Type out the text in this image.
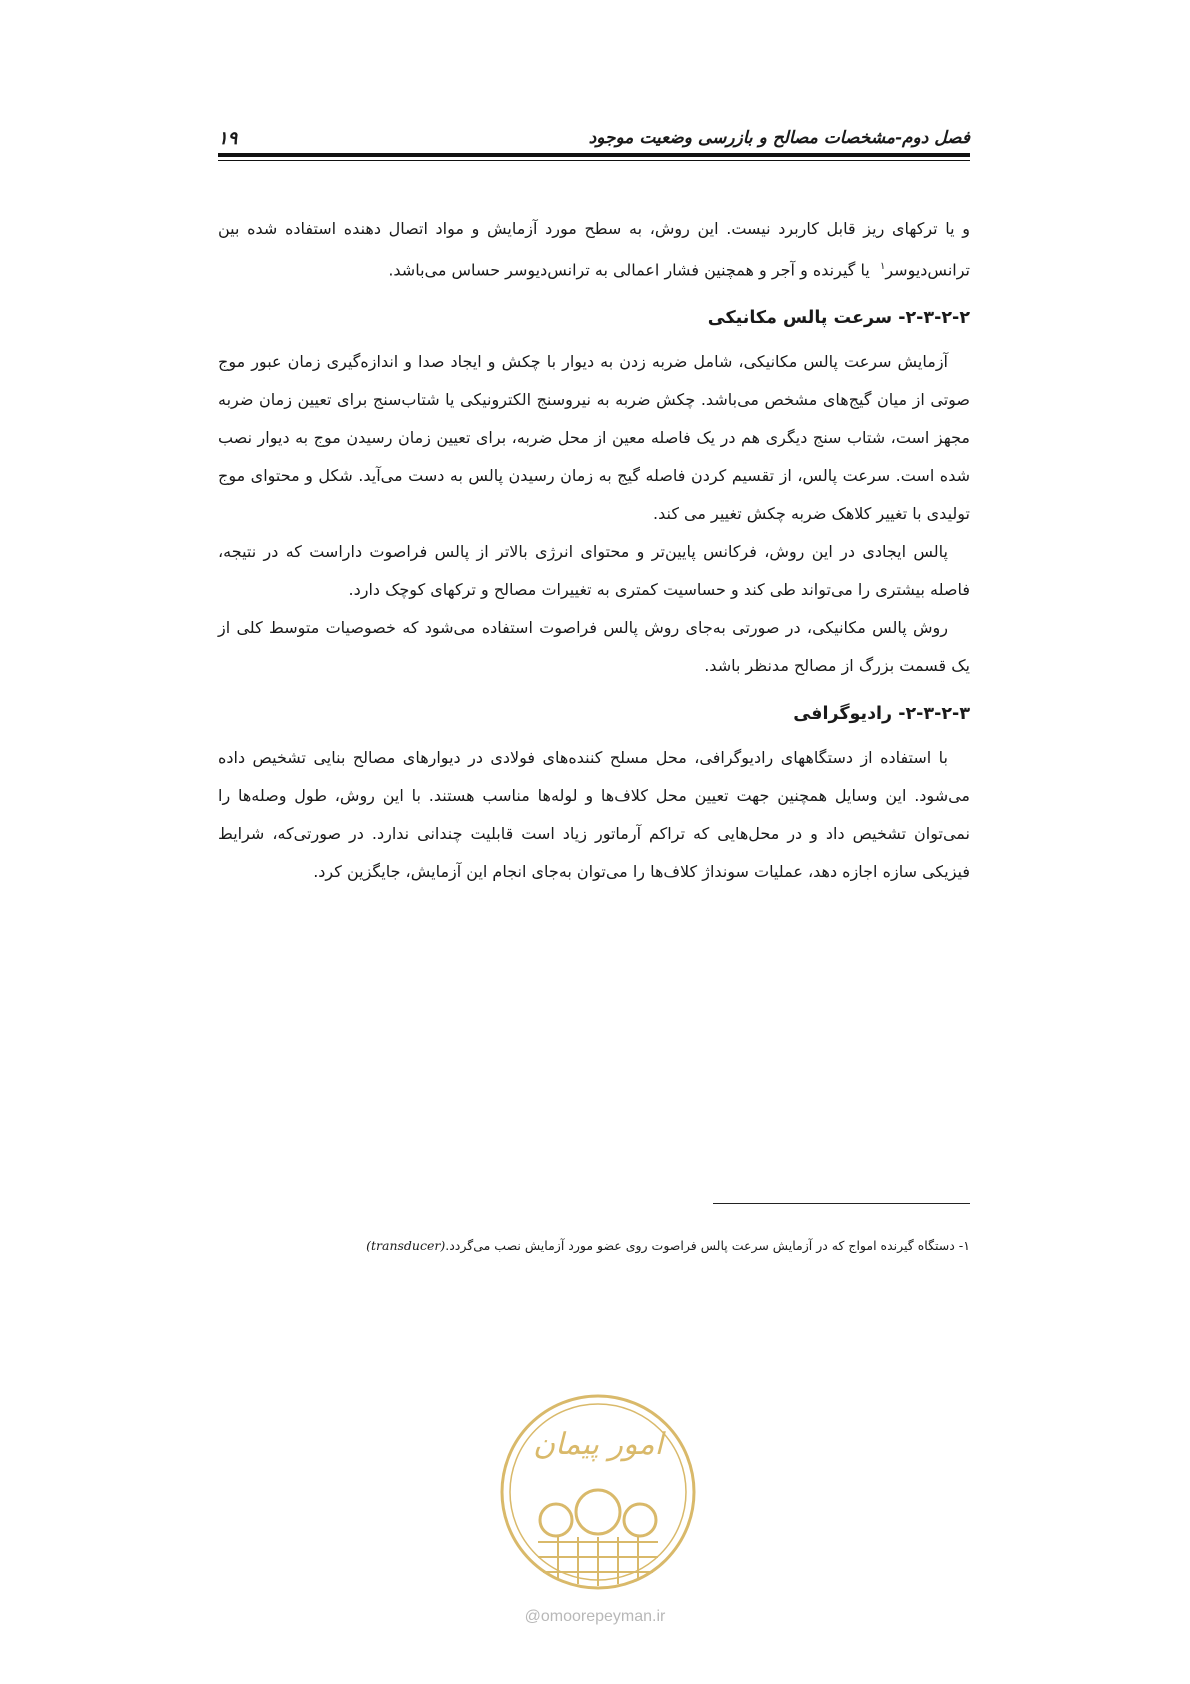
فصل دوم-مشخصات مصالح و بازرسی وضعیت موجود
۱۹

و یا ترکهای ریز قابل کاربرد نیست. این روش، به سطح مورد آزمایش و مواد اتصال دهنده استفاده شده بین ترانس‌دیوسر$^۱$  یا گیرنده و آجر و همچنین فشار اعمالی به ترانس‌دیوسر حساس می‌باشد.

۲-۳-۲-۲- سرعت پالس مکانیکی

آزمایش سرعت پالس مکانیکی، شامل ضربه زدن به دیوار با چکش و ایجاد صدا و اندازه‌گیری زمان عبور موج صوتی از میان گیج‌های مشخص می‌باشد. چکش ضربه به نیروسنج الکترونیکی یا شتاب‌سنج برای تعیین زمان ضربه مجهز است، شتاب سنج دیگری هم در یک فاصله معین از محل ضربه، برای تعیین زمان رسیدن موج به دیوار نصب شده است. سرعت پالس، از تقسیم کردن فاصله گیج به زمان رسیدن پالس به دست می‌آید. شکل و محتوای موج تولیدی با تغییر کلاهک ضربه چکش تغییر می کند.

پالس ایجادی در این روش، فرکانس پایین‌تر و محتوای انرژی بالاتر از پالس فراصوت داراست که در نتیجه، فاصله بیشتری را می‌تواند طی کند و حساسیت کمتری به تغییرات مصالح و ترکهای کوچک دارد.

روش پالس مکانیکی، در صورتی به‌جای روش پالس فراصوت استفاده می‌شود که خصوصیات متوسط کلی از یک قسمت بزرگ از مصالح مدنظر باشد.

۲-۳-۲-۳- رادیوگرافی

با استفاده از دستگاههای رادیوگرافی، محل مسلح کننده‌های فولادی در دیوارهای مصالح بنایی تشخیص داده می‌شود. این وسایل همچنین جهت تعیین محل کلاف‌ها و لوله‌ها مناسب هستند. با این روش، طول وصله‌ها را نمی‌توان تشخیص داد و در محل‌هایی که تراکم آرماتور زیاد است قابلیت چندانی ندارد. در صورتی‌که، شرایط فیزیکی سازه اجازه دهد، عملیات سونداژ کلاف‌ها را می‌توان به‌جای انجام این آزمایش، جایگزین کرد.

۱- دستگاه گیرنده امواج که در آزمایش سرعت پالس فراصوت روی عضو مورد آزمایش نصب می‌گردد.(transducer)
امور پیمان
@omoorepeyman.ir
